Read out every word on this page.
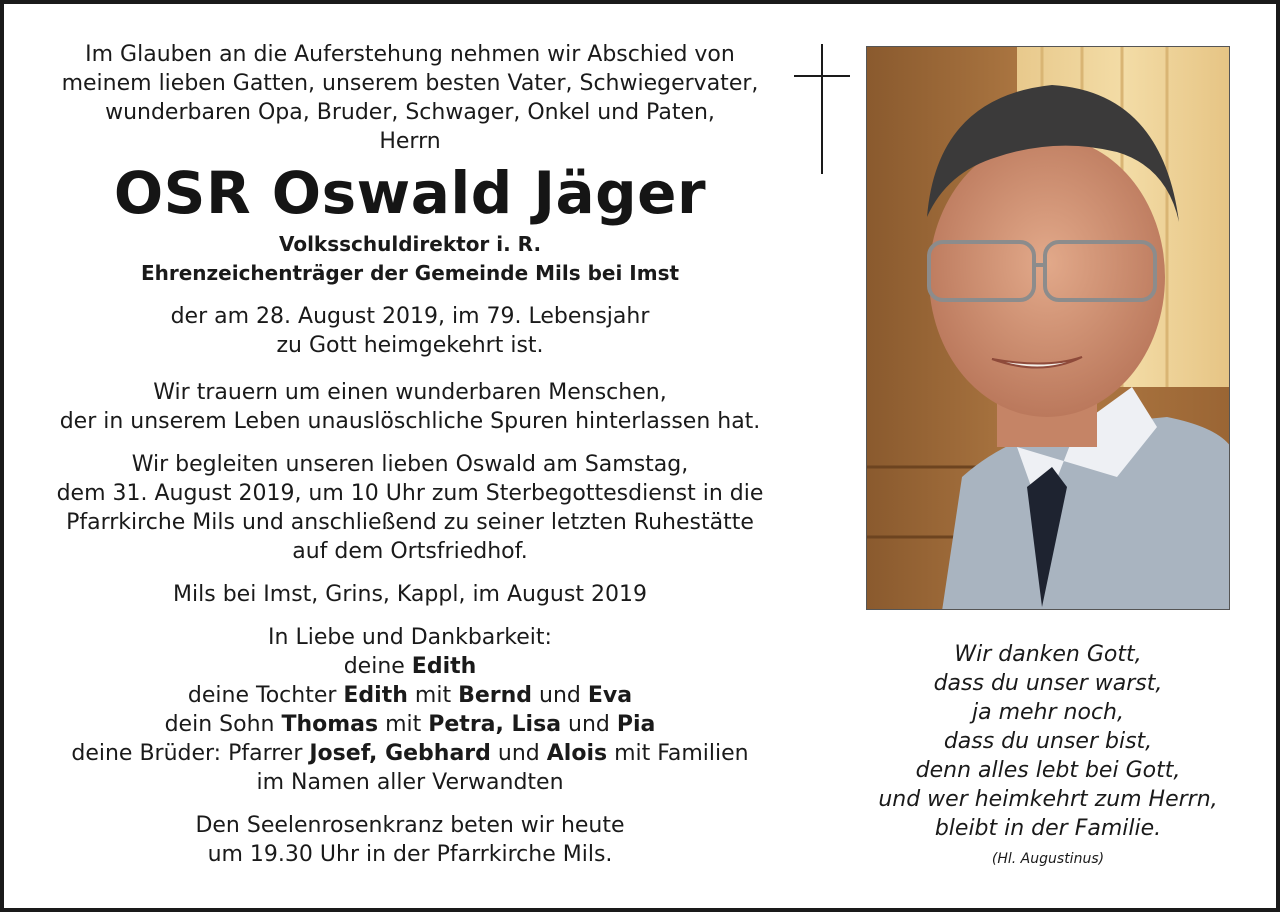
Im Glauben an die Auferstehung nehmen wir Abschied von

meinem lieben Gatten, unserem besten Vater, Schwiegervater,

wunderbaren Opa, Bruder, Schwager, Onkel und Paten,

Herrn

OSR Oswald Jäger

Volksschuldirektor i. R.

Ehrenzeichenträger der Gemeinde Mils bei Imst

der am 28. August 2019, im 79. Lebensjahr

zu Gott heimgekehrt ist.

Wir trauern um einen wunderbaren Menschen,

der in unserem Leben unauslöschliche Spuren hinterlassen hat.

Wir begleiten unseren lieben Oswald am Samstag,

dem 31. August 2019, um 10 Uhr zum Sterbegottesdienst in die

Pfarrkirche Mils und anschließend zu seiner letzten Ruhestätte

auf dem Ortsfriedhof.

Mils bei Imst, Grins, Kappl, im August 2019

In Liebe und Dankbarkeit:

deine Edith

deine Tochter Edith mit Bernd und Eva

dein Sohn Thomas mit Petra, Lisa und Pia

deine Brüder: Pfarrer Josef, Gebhard und Alois mit Familien

im Namen aller Verwandten

Den Seelenrosenkranz beten wir heute

um 19.30 Uhr in der Pfarrkirche Mils.

Wir danken Gott,
dass du unser warst,
ja mehr noch,
dass du unser bist,
denn alles lebt bei Gott,
und wer heimkehrt zum Herrn,
bleibt in der Familie.
(Hl. Augustinus)
